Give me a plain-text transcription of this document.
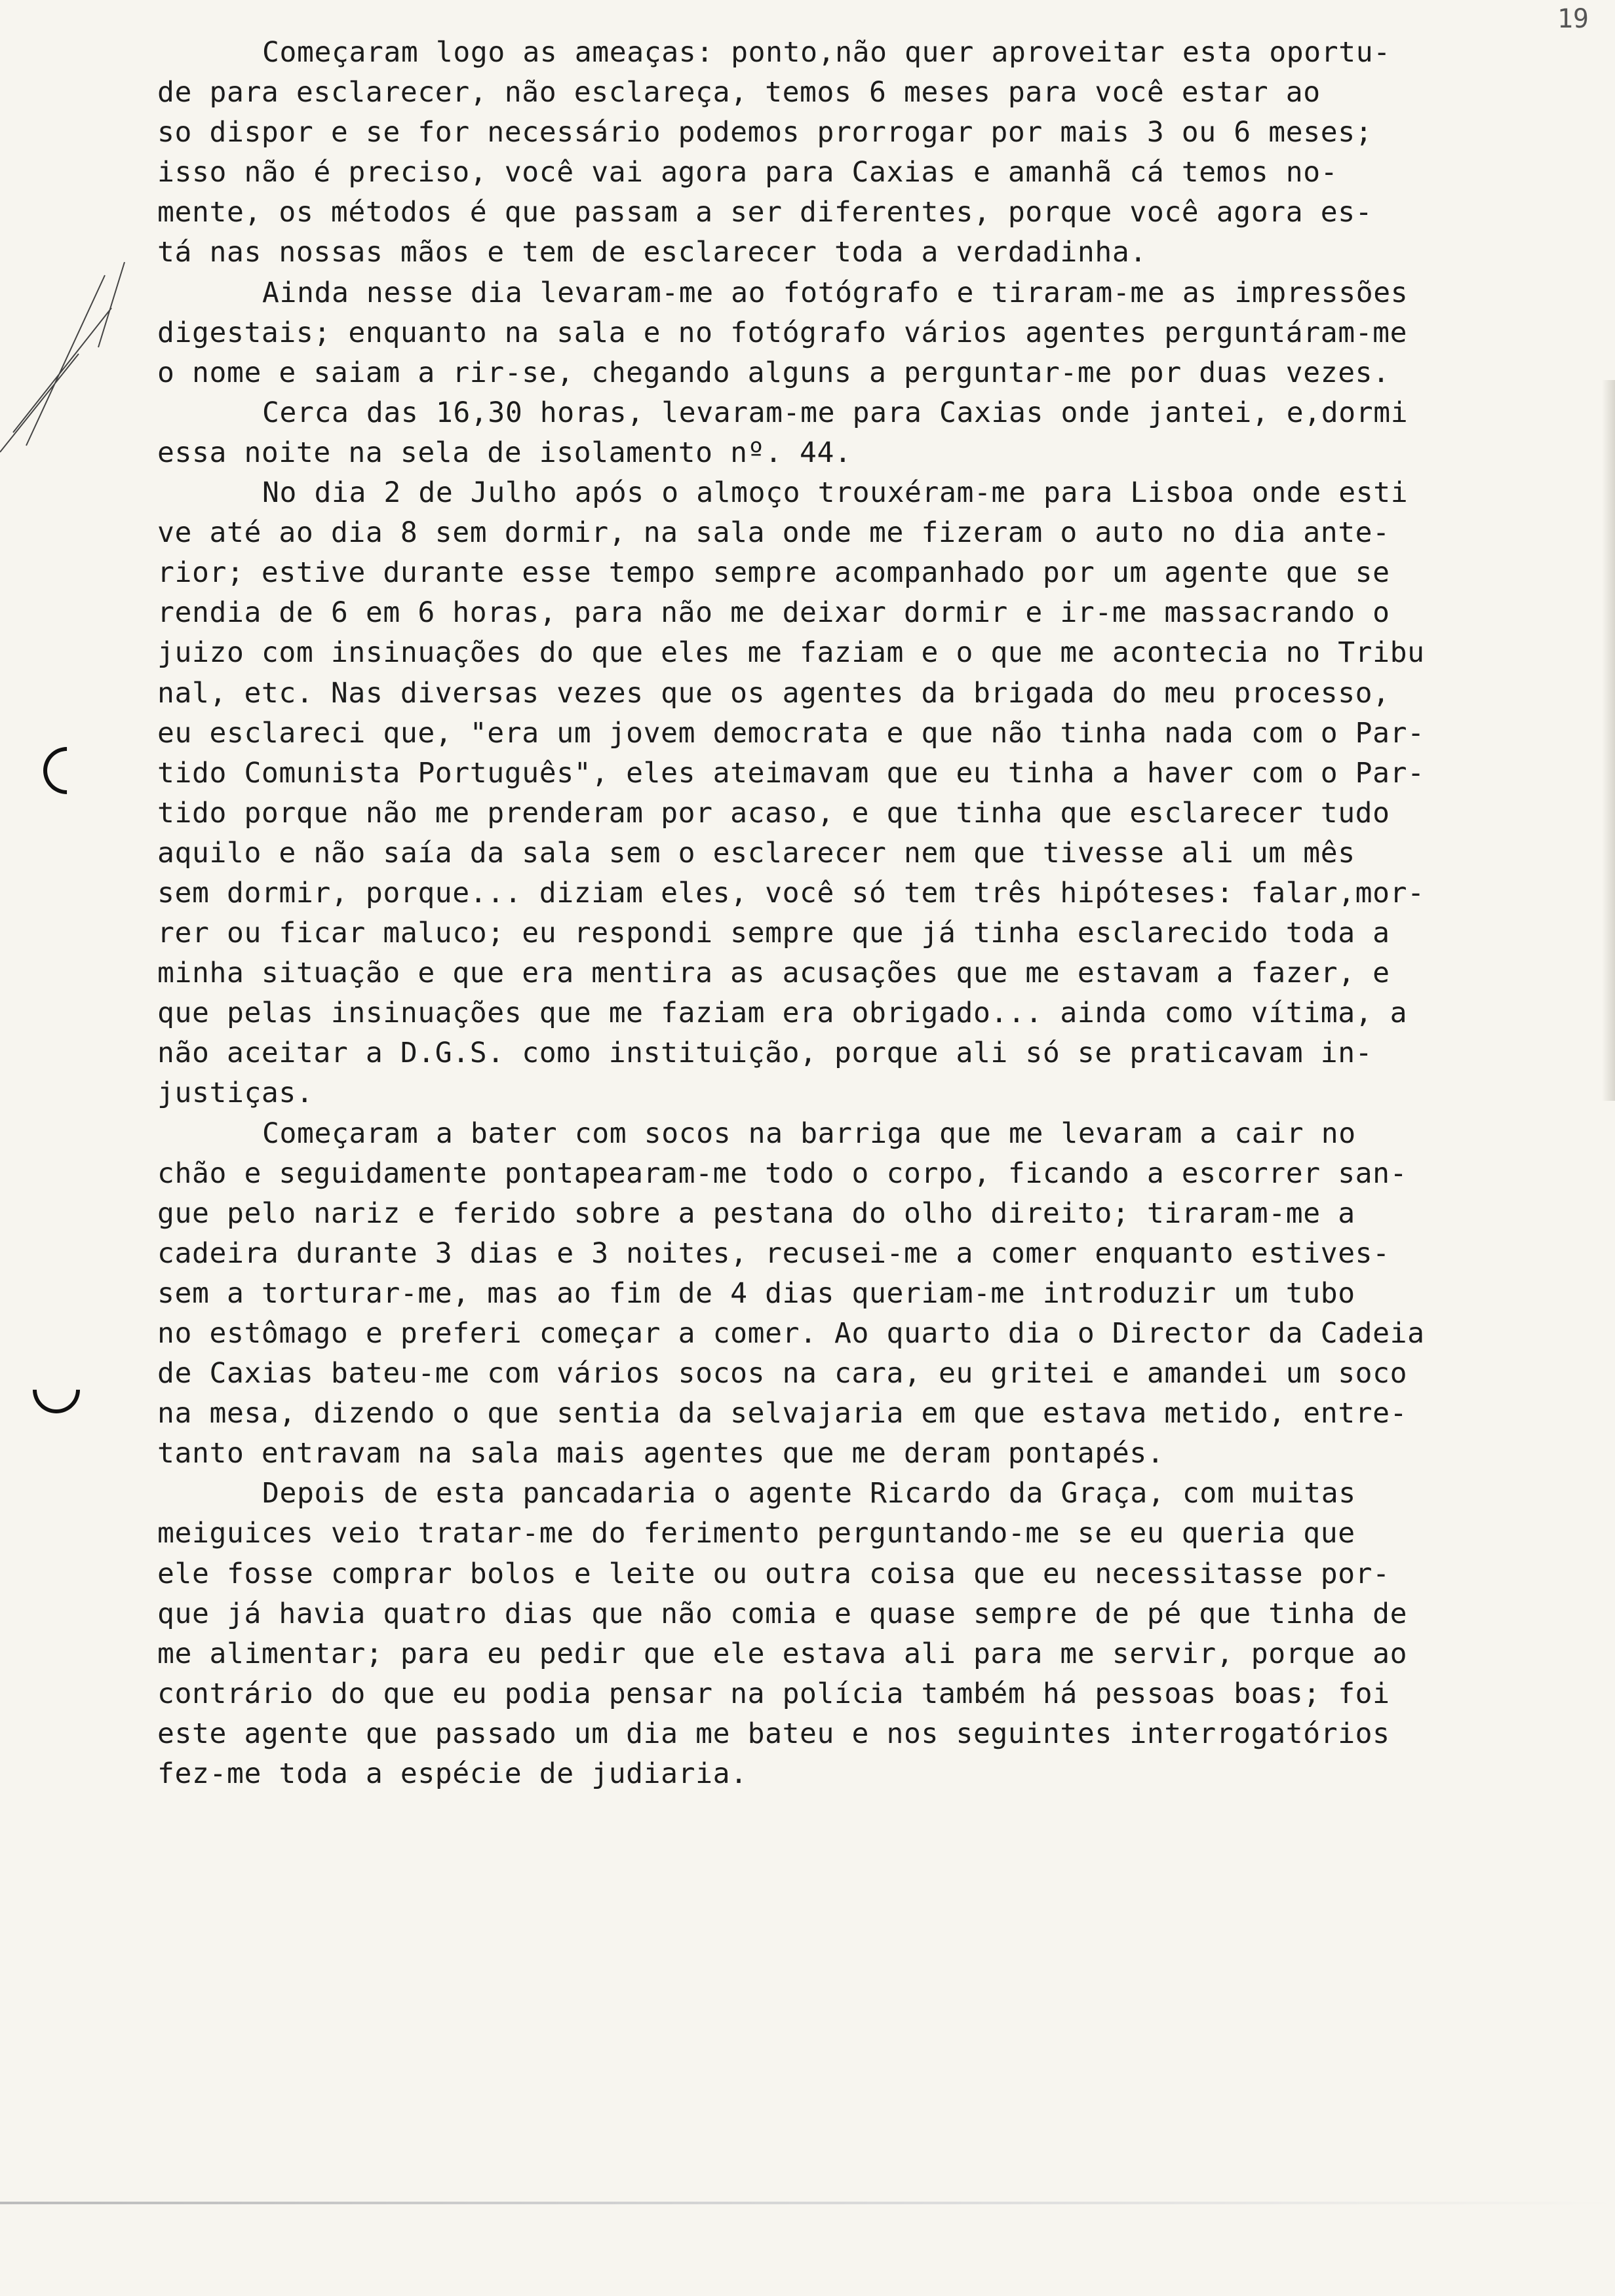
19
Começaram logo as ameaças: ponto,não quer aproveitar esta oportu-
de para esclarecer, não esclareça, temos 6 meses para você estar ao
so dispor e se for necessário podemos prorrogar por mais 3 ou 6 meses;
isso não é preciso, você vai agora para Caxias e amanhã cá temos no-
mente, os métodos é que passam a ser diferentes, porque você agora es-
tá nas nossas mãos e tem de esclarecer toda a verdadinha.
Ainda nesse dia levaram-me ao fotógrafo e tiraram-me as impressões
digestais; enquanto na sala e no fotógrafo vários agentes perguntáram-me
o nome e saiam a rir-se, chegando alguns a perguntar-me por duas vezes.
Cerca das 16,30 horas, levaram-me para Caxias onde jantei, e,dormi
essa noite na sela de isolamento nº. 44.
No dia 2 de Julho após o almoço trouxéram-me para Lisboa onde esti
ve até ao dia 8 sem dormir, na sala onde me fizeram o auto no dia ante-
rior; estive durante esse tempo sempre acompanhado por um agente que se
rendia de 6 em 6 horas, para não me deixar dormir e ir-me massacrando o
juizo com insinuações do que eles me faziam e o que me acontecia no Tribu
nal, etc. Nas diversas vezes que os agentes da brigada do meu processo,
eu esclareci que, "era um jovem democrata e que não tinha nada com o Par-
tido Comunista Português", eles ateimavam que eu tinha a haver com o Par-
tido porque não me prenderam por acaso, e que tinha que esclarecer tudo
aquilo e não saía da sala sem o esclarecer nem que tivesse ali um mês
sem dormir, porque... diziam eles, você só tem três hipóteses: falar,mor-
rer ou ficar maluco; eu respondi sempre que já tinha esclarecido toda a
minha situação e que era mentira as acusações que me estavam a fazer, e
que pelas insinuações que me faziam era obrigado... ainda como vítima, a
não aceitar a D.G.S. como instituição, porque ali só se praticavam in-
justiças.
Começaram a bater com socos na barriga que me levaram a cair no
chão e seguidamente pontapearam-me todo o corpo, ficando a escorrer san-
gue pelo nariz e ferido sobre a pestana do olho direito; tiraram-me a
cadeira durante 3 dias e 3 noites, recusei-me a comer enquanto estives-
sem a torturar-me, mas ao fim de 4 dias queriam-me introduzir um tubo
no estômago e preferi começar a comer. Ao quarto dia o Director da Cadeia
de Caxias bateu-me com vários socos na cara, eu gritei e amandei um soco
na mesa, dizendo o que sentia da selvajaria em que estava metido, entre-
tanto entravam na sala mais agentes que me deram pontapés.
Depois de esta pancadaria o agente Ricardo da Graça, com muitas
meiguices veio tratar-me do ferimento perguntando-me se eu queria que
ele fosse comprar bolos e leite ou outra coisa que eu necessitasse por-
que já havia quatro dias que não comia e quase sempre de pé que tinha de
me alimentar; para eu pedir que ele estava ali para me servir, porque ao
contrário do que eu podia pensar na polícia também há pessoas boas; foi
este agente que passado um dia me bateu e nos seguintes interrogatórios
fez-me toda a espécie de judiaria.
